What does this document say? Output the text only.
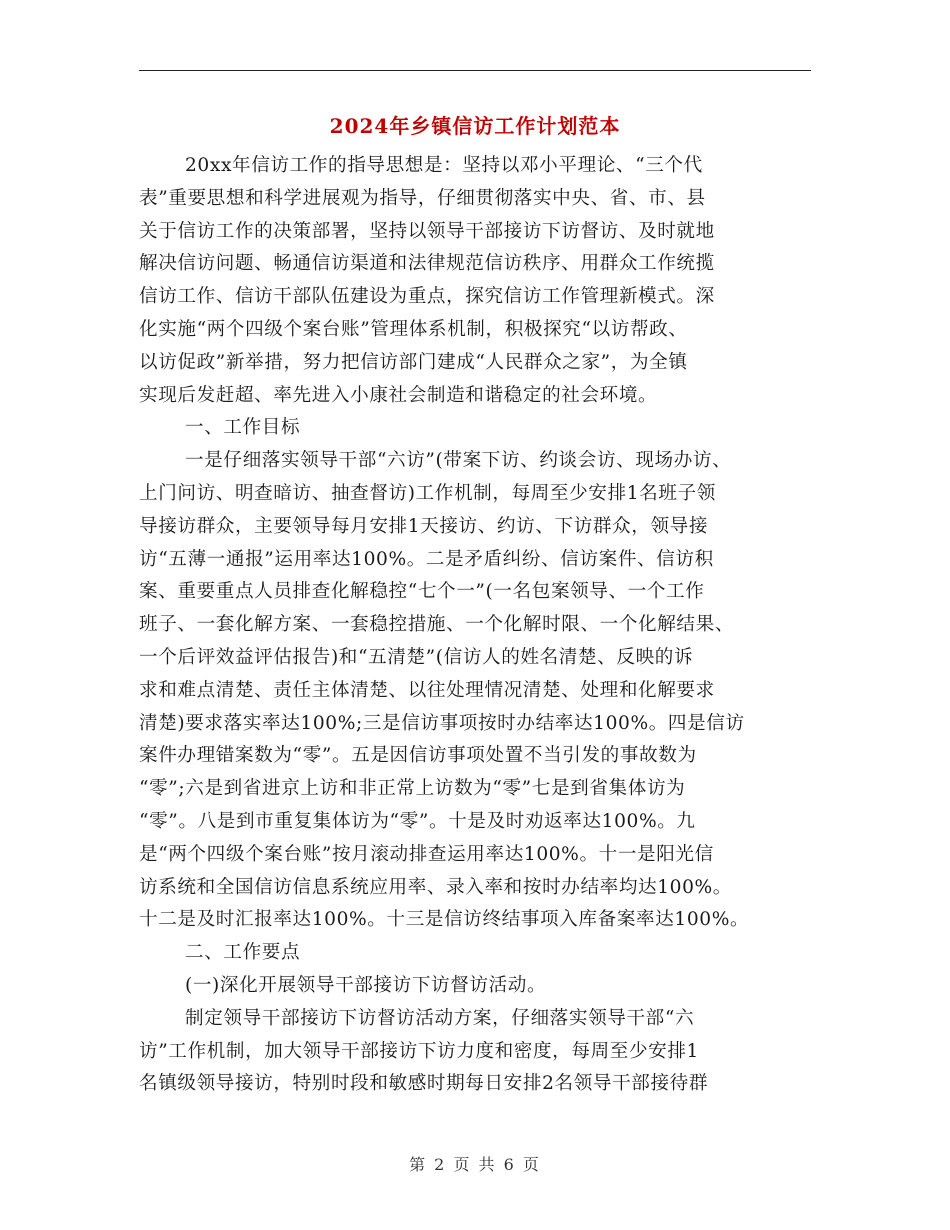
2024年乡镇信访工作计划范本
20xx年信访工作的指导思想是：坚持以邓小平理论、“三个代
表”重要思想和科学进展观为指导，仔细贯彻落实中央、省、市、县
关于信访工作的决策部署，坚持以领导干部接访下访督访、及时就地
解决信访问题、畅通信访渠道和法律规范信访秩序、用群众工作统揽
信访工作、信访干部队伍建设为重点，探究信访工作管理新模式。深
化实施“两个四级个案台账”管理体系机制，积极探究“以访帮政、
以访促政”新举措，努力把信访部门建成“人民群众之家”，为全镇
实现后发赶超、率先进入小康社会制造和谐稳定的社会环境。
一、工作目标
一是仔细落实领导干部“六访”(带案下访、约谈会访、现场办访、
上门问访、明查暗访、抽查督访)工作机制，每周至少安排1名班子领
导接访群众，主要领导每月安排1天接访、约访、下访群众，领导接
访“五薄一通报”运用率达100%。二是矛盾纠纷、信访案件、信访积
案、重要重点人员排查化解稳控“七个一”(一名包案领导、一个工作
班子、一套化解方案、一套稳控措施、一个化解时限、一个化解结果、
一个后评效益评估报告)和“五清楚”(信访人的姓名清楚、反映的诉
求和难点清楚、责任主体清楚、以往处理情况清楚、处理和化解要求
清楚)要求落实率达100%;三是信访事项按时办结率达100%。四是信访
案件办理错案数为“零”。五是因信访事项处置不当引发的事故数为
“零”;六是到省进京上访和非正常上访数为“零”七是到省集体访为
“零”。八是到市重复集体访为“零”。十是及时劝返率达100%。九
是“两个四级个案台账”按月滚动排查运用率达100%。十一是阳光信
访系统和全国信访信息系统应用率、录入率和按时办结率均达100%。
十二是及时汇报率达100%。十三是信访终结事项入库备案率达100%。
二、工作要点
(一)深化开展领导干部接访下访督访活动。
制定领导干部接访下访督访活动方案，仔细落实领导干部“六
访”工作机制，加大领导干部接访下访力度和密度，每周至少安排1
名镇级领导接访，特别时段和敏感时期每日安排2名领导干部接待群
第 2 页 共 6 页
